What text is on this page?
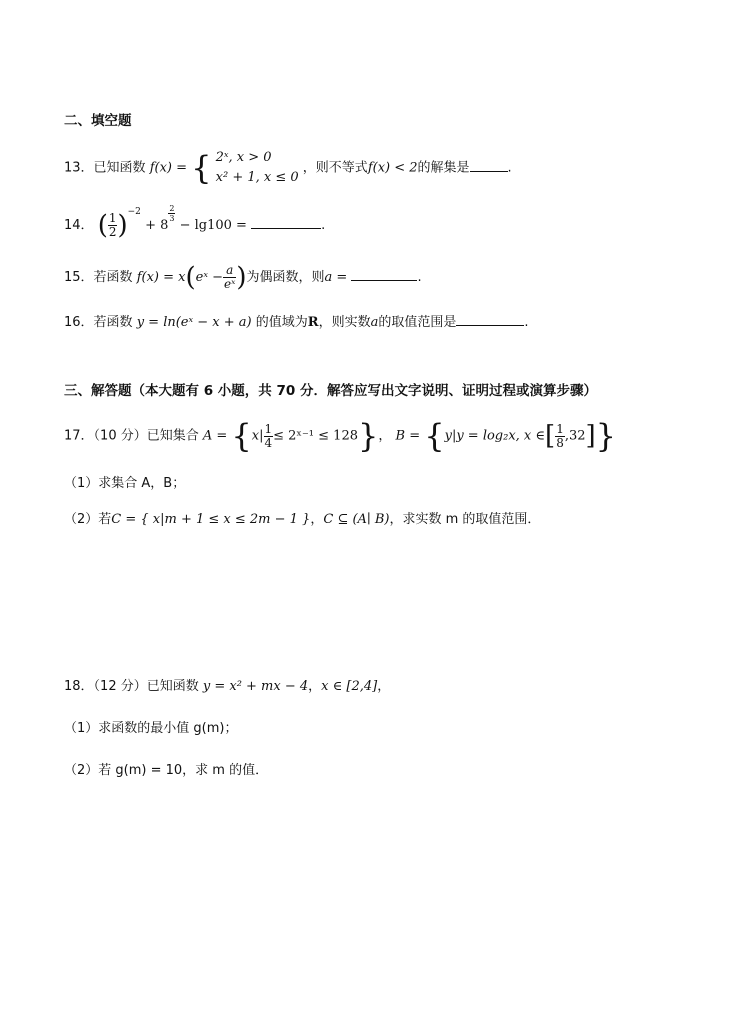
二、填空题
13．已知函数 f(x) = { 2ˣ, x > 0
x² + 1, x ≤ 0
，则不等式f(x) < 2的解集是	.
14． ( $\frac{1}{2} )^{-2} + 8$
$\frac{2}{3}$
− lg100 =	.
15．若函数 f(x) = x(eˣ − $\frac{a}{\text{eˣ}}$ )为偶函数，则a =	.
16．若函数 y = ln(eˣ − x + a) 的值域为R，则实数a的取值范围是	.
三、解答题（本大题有 6 小题，共 70 分．解答应写出文字说明、证明过程或演算步骤）
17．（10 分）已知集合 $A = \{x| \frac{1}{4}$ ≤ 2ˣ⁻¹ ≤ 128}， B = {y|y = log₂x, x ∈[ $\frac{1}{8} ,32$]}
（1）求集合 A，B；
（2）若C = { x|m + 1 ≤ x ≤ 2m − 1 }，C ⊆ (A∣ B)，求实数 m 的取值范围．
18．（12 分）已知函数 y = x² + mx − 4，x ∈ [2,4]，
（1）求函数的最小值 g(m)；
（2）若 g(m) = 10，求 m 的值．
